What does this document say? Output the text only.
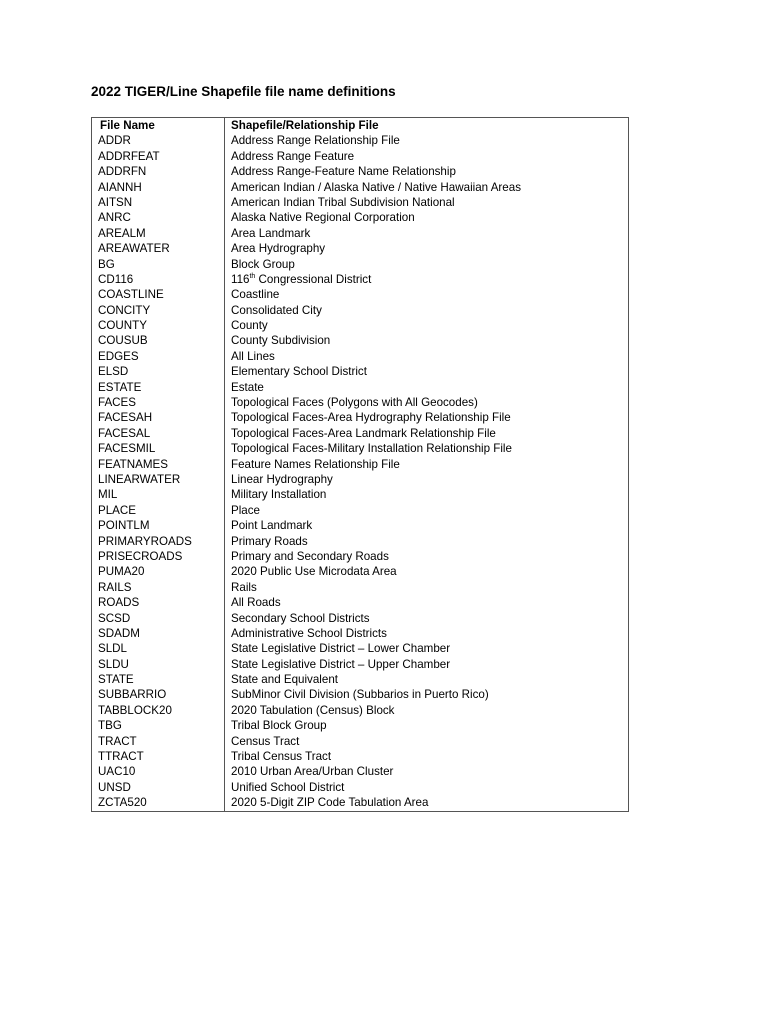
2022 TIGER/Line Shapefile file name definitions
File Name	Shapefile/Relationship File
ADDR	Address Range Relationship File
ADDRFEAT	Address Range Feature
ADDRFN	Address Range-Feature Name Relationship
AIANNH	American Indian / Alaska Native / Native Hawaiian Areas
AITSN	American Indian Tribal Subdivision National
ANRC	Alaska Native Regional Corporation
AREALM	Area Landmark
AREAWATER	Area Hydrography
BG	Block Group
CD116	116th Congressional District
COASTLINE	Coastline
CONCITY	Consolidated City
COUNTY	County
COUSUB	County Subdivision
EDGES	All Lines
ELSD	Elementary School District
ESTATE	Estate
FACES	Topological Faces (Polygons with All Geocodes)
FACESAH	Topological Faces-Area Hydrography Relationship File
FACESAL	Topological Faces-Area Landmark Relationship File
FACESMIL	Topological Faces-Military Installation Relationship File
FEATNAMES	Feature Names Relationship File
LINEARWATER	Linear Hydrography
MIL	Military Installation
PLACE	Place
POINTLM	Point Landmark
PRIMARYROADS	Primary Roads
PRISECROADS	Primary and Secondary Roads
PUMA20	2020 Public Use Microdata Area
RAILS	Rails
ROADS	All Roads
SCSD	Secondary School Districts
SDADM	Administrative School Districts
SLDL	State Legislative District – Lower Chamber
SLDU	State Legislative District – Upper Chamber
STATE	State and Equivalent
SUBBARRIO	SubMinor Civil Division (Subbarios in Puerto Rico)
TABBLOCK20	2020 Tabulation (Census) Block
TBG	Tribal Block Group
TRACT	Census Tract
TTRACT	Tribal Census Tract
UAC10	2010 Urban Area/Urban Cluster
UNSD	Unified School District
ZCTA520	2020 5-Digit ZIP Code Tabulation Area
